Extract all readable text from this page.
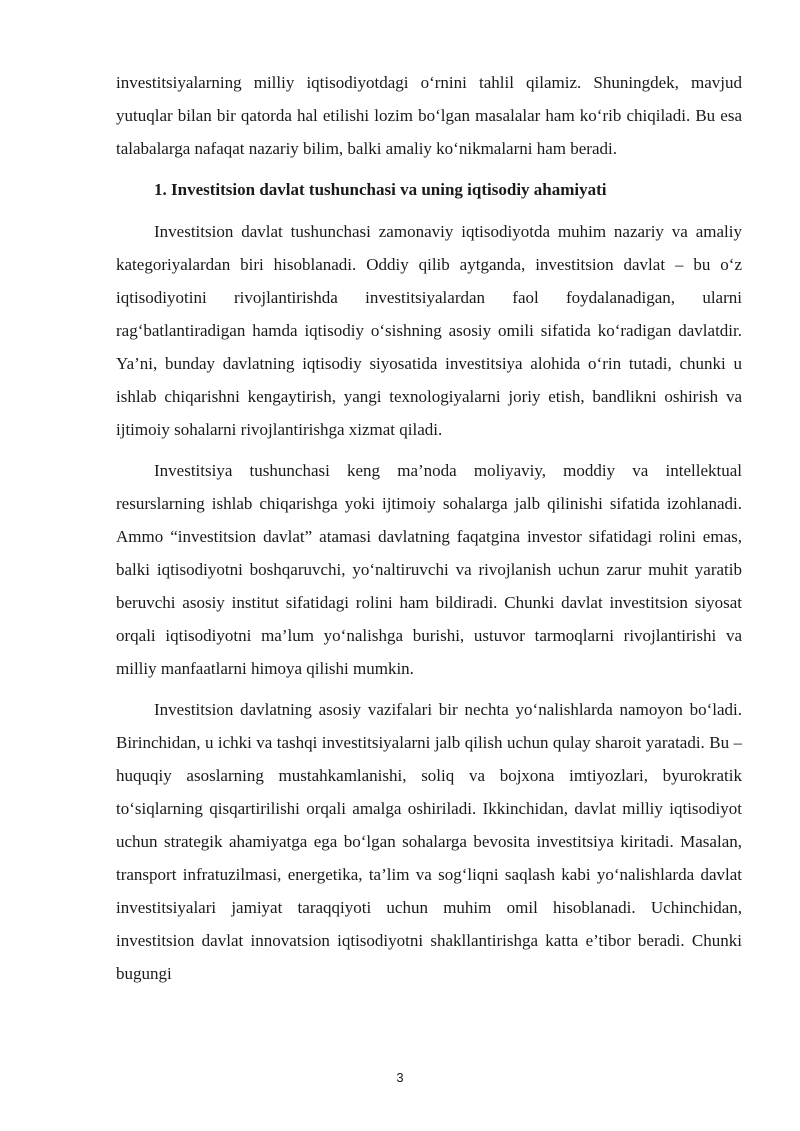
investitsiyalarning milliy iqtisodiyotdagi o‘rnini tahlil qilamiz. Shuningdek, mavjud yutuqlar bilan bir qatorda hal etilishi lozim bo‘lgan masalalar ham ko‘rib chiqiladi. Bu esa talabalarga nafaqat nazariy bilim, balki amaliy ko‘nikmalarni ham beradi.

1. Investitsion davlat tushunchasi va uning iqtisodiy ahamiyati

Investitsion davlat tushunchasi zamonaviy iqtisodiyotda muhim nazariy va amaliy kategoriyalardan biri hisoblanadi. Oddiy qilib aytganda, investitsion davlat – bu o‘z iqtisodiyotini rivojlantirishda investitsiyalardan faol foydalanadigan, ularni rag‘batlantiradigan hamda iqtisodiy o‘sishning asosiy omili sifatida ko‘radigan davlatdir. Ya’ni, bunday davlatning iqtisodiy siyosatida investitsiya alohida o‘rin tutadi, chunki u ishlab chiqarishni kengaytirish, yangi texnologiyalarni joriy etish, bandlikni oshirish va ijtimoiy sohalarni rivojlantirishga xizmat qiladi.

Investitsiya tushunchasi keng ma’noda moliyaviy, moddiy va intellektual resurslarning ishlab chiqarishga yoki ijtimoiy sohalarga jalb qilinishi sifatida izohlanadi. Ammo “investitsion davlat” atamasi davlatning faqatgina investor sifatidagi rolini emas, balki iqtisodiyotni boshqaruvchi, yo‘naltiruvchi va rivojlanish uchun zarur muhit yaratib beruvchi asosiy institut sifatidagi rolini ham bildiradi. Chunki davlat investitsion siyosat orqali iqtisodiyotni ma’lum yo‘nalishga burishi, ustuvor tarmoqlarni rivojlantirishi va milliy manfaatlarni himoya qilishi mumkin.

Investitsion davlatning asosiy vazifalari bir nechta yo‘nalishlarda namoyon bo‘ladi. Birinchidan, u ichki va tashqi investitsiyalarni jalb qilish uchun qulay sharoit yaratadi. Bu – huquqiy asoslarning mustahkamlanishi, soliq va bojxona imtiyozlari, byurokratik to‘siqlarning qisqartirilishi orqali amalga oshiriladi. Ikkinchidan, davlat milliy iqtisodiyot uchun strategik ahamiyatga ega bo‘lgan sohalarga bevosita investitsiya kiritadi. Masalan, transport infratuzilmasi, energetika, ta’lim va sog‘liqni saqlash kabi yo‘nalishlarda davlat investitsiyalari jamiyat taraqqiyoti uchun muhim omil hisoblanadi. Uchinchidan, investitsion davlat innovatsion iqtisodiyotni shakllantirishga katta e’tibor beradi. Chunki bugungi

3
